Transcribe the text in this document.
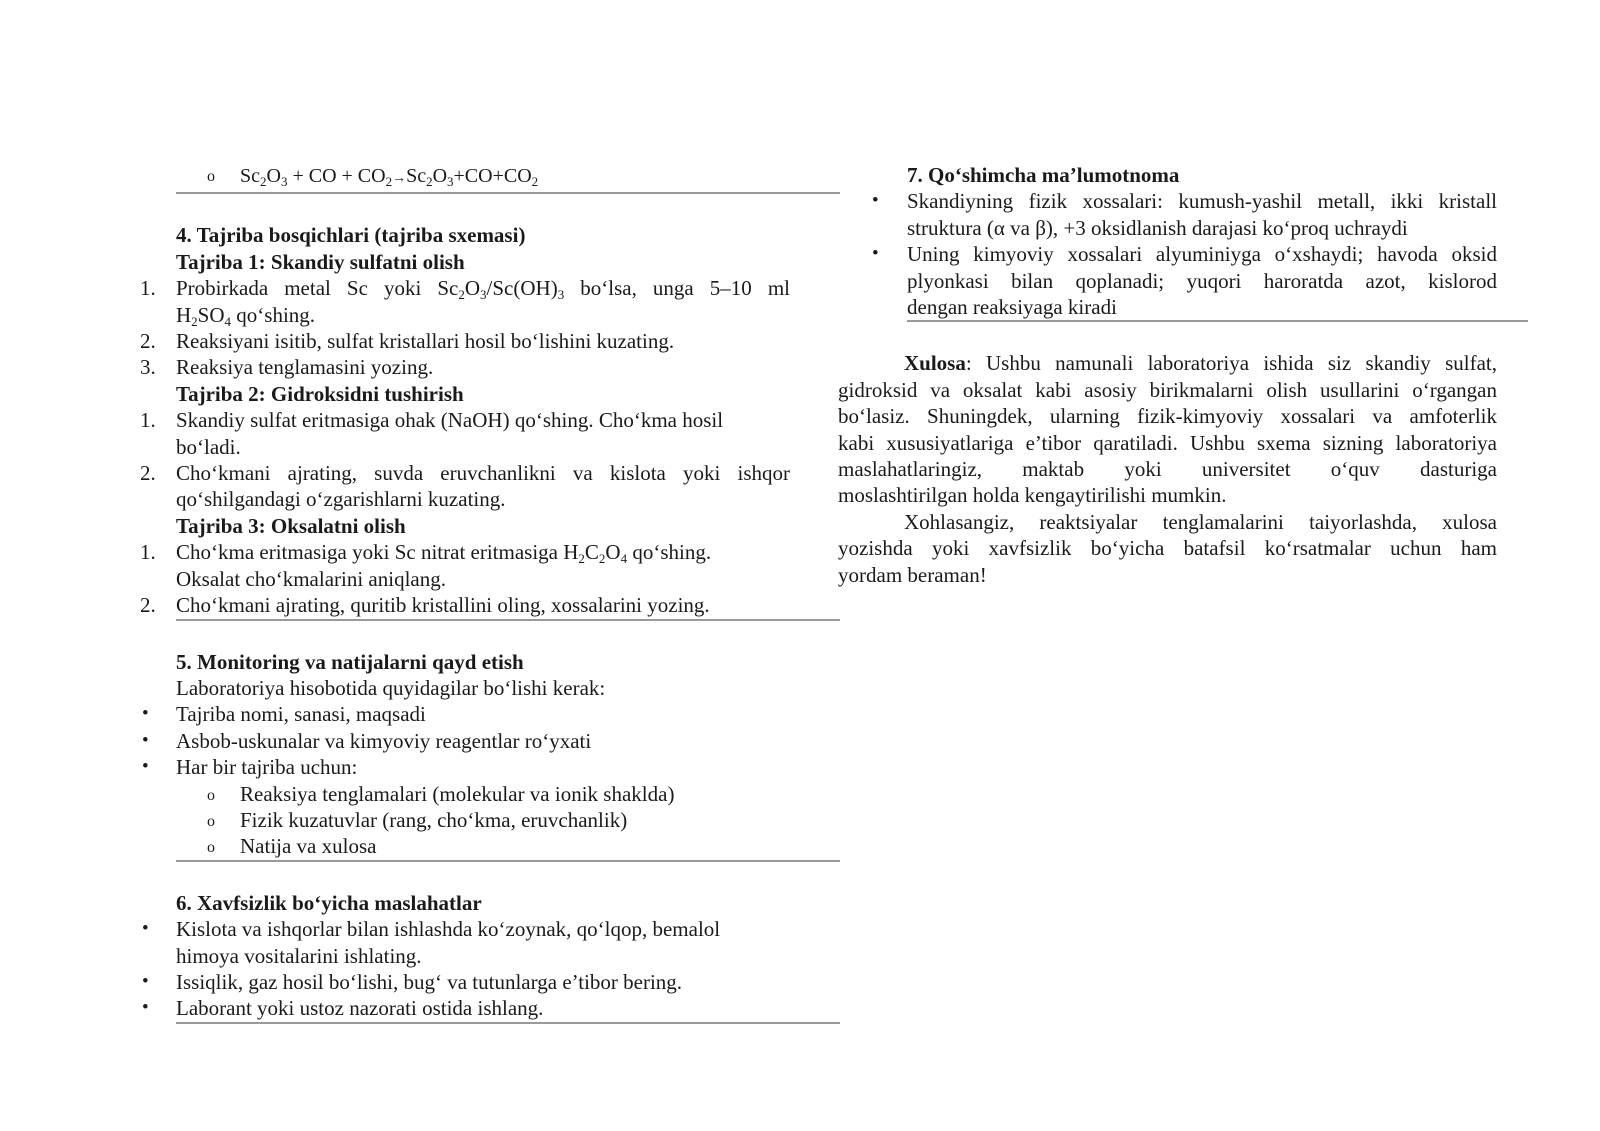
o $Sc_2O_3$ + CO + $CO_2\to Sc_2O_3+CO+CO_2$
4. Tajriba bosqichlari (tajriba sxemasi)
Tajriba 1: Skandiy sulfatni olish
1. Probirkada metal Sc yoki $Sc_2O_3/Sc(OH)_3$ bo‘lsa, unga 5–10 ml
$H_2SO_4$ qo‘shing.
2. Reaksiyani isitib, sulfat kristallari hosil bo‘lishini kuzating.
3. Reaksiya tenglamasini yozing.
Tajriba 2: Gidroksidni tushirish
1. Skandiy sulfat eritmasiga ohak (NaOH) qo‘shing. Cho‘kma hosil
bo‘ladi.
2. Cho‘kmani ajrating, suvda eruvchanlikni va kislota yoki ishqor
qo‘shilgandagi o‘zgarishlarni kuzating.
Tajriba 3: Oksalatni olish
1. Cho‘kma eritmasiga yoki Sc nitrat eritmasiga $H_2C_2O_4$ qo‘shing.
Oksalat cho‘kmalarini aniqlang.
2. Cho‘kmani ajrating, quritib kristallini oling, xossalarini yozing.
5. Monitoring va natijalarni qayd etish
Laboratoriya hisobotida quyidagilar bo‘lishi kerak:
• Tajriba nomi, sanasi, maqsadi
• Asbob-uskunalar va kimyoviy reagentlar ro‘yxati
• Har bir tajriba uchun:
o Reaksiya tenglamalari (molekular va ionik shaklda)
o Fizik kuzatuvlar (rang, cho‘kma, eruvchanlik)
o Natija va xulosa
6. Xavfsizlik bo‘yicha maslahatlar
• Kislota va ishqorlar bilan ishlashda ko‘zoynak, qo‘lqop, bemalol
himoya vositalarini ishlating.
• Issiqlik, gaz hosil bo‘lishi, bug‘ va tutunlarga e’tibor bering.
• Laborant yoki ustoz nazorati ostida ishlang.
7. Qo‘shimcha ma’lumotnoma
• Skandiyning fizik xossalari: kumush-yashil metall, ikki kristall
struktura (α va β), +3 oksidlanish darajasi ko‘proq uchraydi
• Uning kimyoviy xossalari alyuminiyga o‘xshaydi; havoda oksid
plyonkasi bilan qoplanadi; yuqori haroratda azot, kislorod
dengan reaksiyaga kiradi
Xulosa: Ushbu namunali laboratoriya ishida siz skandiy sulfat,
gidroksid va oksalat kabi asosiy birikmalarni olish usullarini o‘rgangan
bo‘lasiz. Shuningdek, ularning fizik-kimyoviy xossalari va amfoterlik
kabi xususiyatlariga e’tibor qaratiladi. Ushbu sxema sizning laboratoriya
maslahatlaringiz, maktab yoki universitet o‘quv dasturiga
moslashtirilgan holda kengaytirilishi mumkin.
Xohlasangiz, reaktsiyalar tenglamalarini taiyorlashda, xulosa
yozishda yoki xavfsizlik bo‘yicha batafsil ko‘rsatmalar uchun ham
yordam beraman!
